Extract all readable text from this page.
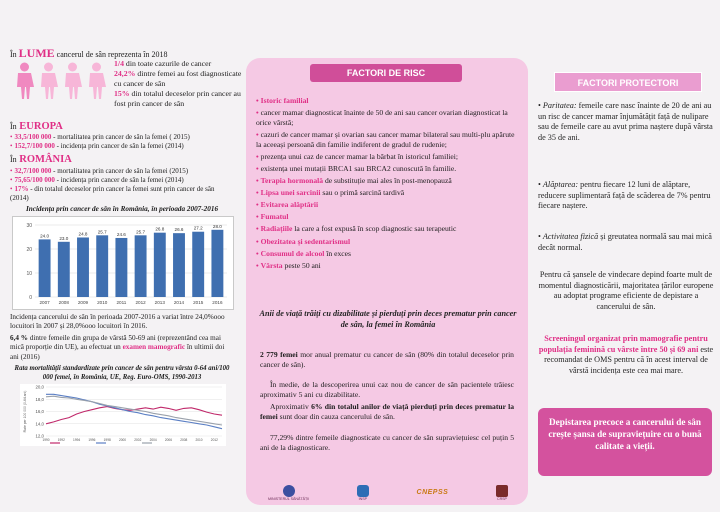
În LUME cancerul de sân reprezenta în 2018
1/4 din toate cazurile de cancer
24,2% dintre femei au fost diagnosticate cu cancer de sân
15% din totalul deceselor prin cancer au fost prin cancer de sân
În EUROPA
• 33,5/100 000 - mortalitatea prin cancer de sân la femei ( 2015)
• 152,7/100 000 - incidența prin cancer de sân la femei (2014)
În ROMÂNIA
• 32,7/100 000 - mortalitatea prin cancer de sân la femei (2015)
• 75,65/100 000 - incidența prin cancer de sân la femei (2014)
• 17% - din totalul deceselor prin cancer la femei sunt prin cancer de sân (2014)
Incidența prin cancer de sân în România, în perioada 2007-2016
0
10
20
30
24.0
2007
23.0
2008
24.8
2009
25.7
2010
24.6
2011
25.7
2012
26.8
2013
26.6
2014
27.2
2015
28.0
2016
Incidența cancerului de sân în perioada 2007-2016 a variat între 24,0%ooo locuitori în 2007 și 28,0%ooo locuitori în 2016.
6,4 % dintre femeile din grupa de vârstă 50-69 ani (reprezentând cea mai mică proporție din UE), au efectuat un examen mamografic în ultimii doi ani (2016)
Rata mortalității standardizate prin cancer de sân pentru vârsta 0-64 ani/100 000 femei, în România, UE, Reg. Euro-OMS, 1990-2013
12,0
14,0
16,0
18,0
20,0
Rate per 100 000 (0-64 ani)
1990	1992	1994	1996	1998	2000	2002	2004	2006	2008	2010	2012
FACTORI DE RISC
• Istoric familial
• cancer mamar diagnosticat înainte de 50 de ani sau cancer ovarian diagnosticat la orice vârstă;
• cazuri de cancer mamar și ovarian sau cancer mamar bilateral sau multi-plu apărute la aceeași persoană din familie indiferent de gradul de rudenie;
• prezența unui caz de cancer mamar la bărbat în istoricul familiei;
• existența unei mutații BRCA1 sau BRCA2 cunoscută în familie.
• Terapia hormonală de substituție mai ales în post-menopauză
• Lipsa unei sarcinii sau o primă sarcină tardivă
• Evitarea alăptării
• Fumatul
• Radiațiile la care a fost expusă în scop diagnostic sau terapeutic
• Obezitatea și sedentarismul
• Consumul de alcool în exces
• Vârsta peste 50 ani
Anii de viață trăiți cu dizabilitate și pierduți prin deces prematur prin cancer de sân, la femei în România
2 779 femei mor anual prematur cu cancer de sân (80% din totalul deceselor prin cancer de sân).
În medie, de la descoperirea unui caz nou de cancer de sân pacientele trăiesc aproximativ 5 ani cu dizabilitate.
Aproximativ 6% din totalul anilor de viață pierduți prin deces prematur la femei sunt doar din cauza cancerului de sân.
77,29% dintre femeile diagnosticate cu cancer de sân supraviețuiesc cel puțin 5 ani de la diagnosticare.
MINISTERUL SĂNĂTĂȚII	INSP
CNEPSS
CRSP
FACTORI PROTECTORI
• Paritatea: femeile care nasc înainte de 20 de ani au un risc de cancer mamar înjumătățit față de nulipare sau de femeile care au avut prima naștere după vârsta de 35 de ani.
• Alăptarea: pentru fiecare 12 luni de alăptare, reducere suplimentară față de scăderea de 7% pentru fiecare naștere.
• Activitatea fizică și greutatea normală sau mai mică decât normal.
Pentru că șansele de vindecare depind foarte mult de momentul diagnosticării, majoritatea țărilor europene au adoptat programe eficiente de depistare a cancerului de sân.
Screeningul organizat prin mamografie pentru populația feminină cu vârste între 50 și 69 ani este recomandat de OMS pentru că în acest interval de vârstă incidența este cea mai mare.
Depistarea precoce a cancerului de sân crește șansa de supraviețuire cu o bună calitate a vieții.
